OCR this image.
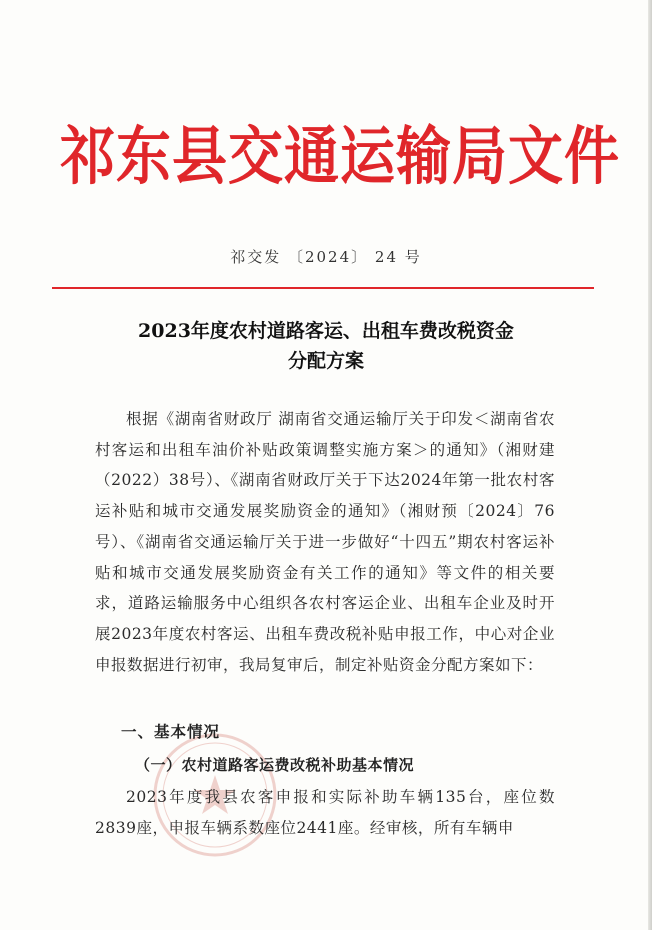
祁东县交通运输局文件
祁交发 〔2024〕 24 号
2023年度农村道路客运、出租车费改税资金
分配方案
根据《湖南省财政厅 湖南省交通运输厅关于印发＜湖南省农村客运和出租车油价补贴政策调整实施方案＞的通知》（湘财建（2022）38号）、《湖南省财政厅关于下达2024年第一批农村客运补贴和城市交通发展奖励资金的通知》（湘财预〔2024〕76号）、《湖南省交通运输厅关于进一步做好“十四五”期农村客运补贴和城市交通发展奖励资金有关工作的通知》等文件的相关要求，道路运输服务中心组织各农村客运企业、出租车企业及时开展2023年度农村客运、出租车费改税补贴申报工作，中心对企业申报数据进行初审，我局复审后，制定补贴资金分配方案如下：
一、基本情况
（一）农村道路客运费改税补助基本情况
2023年度我县农客申报和实际补助车辆135台，座位数2839座，申报车辆系数座位2441座。经审核，所有车辆申
